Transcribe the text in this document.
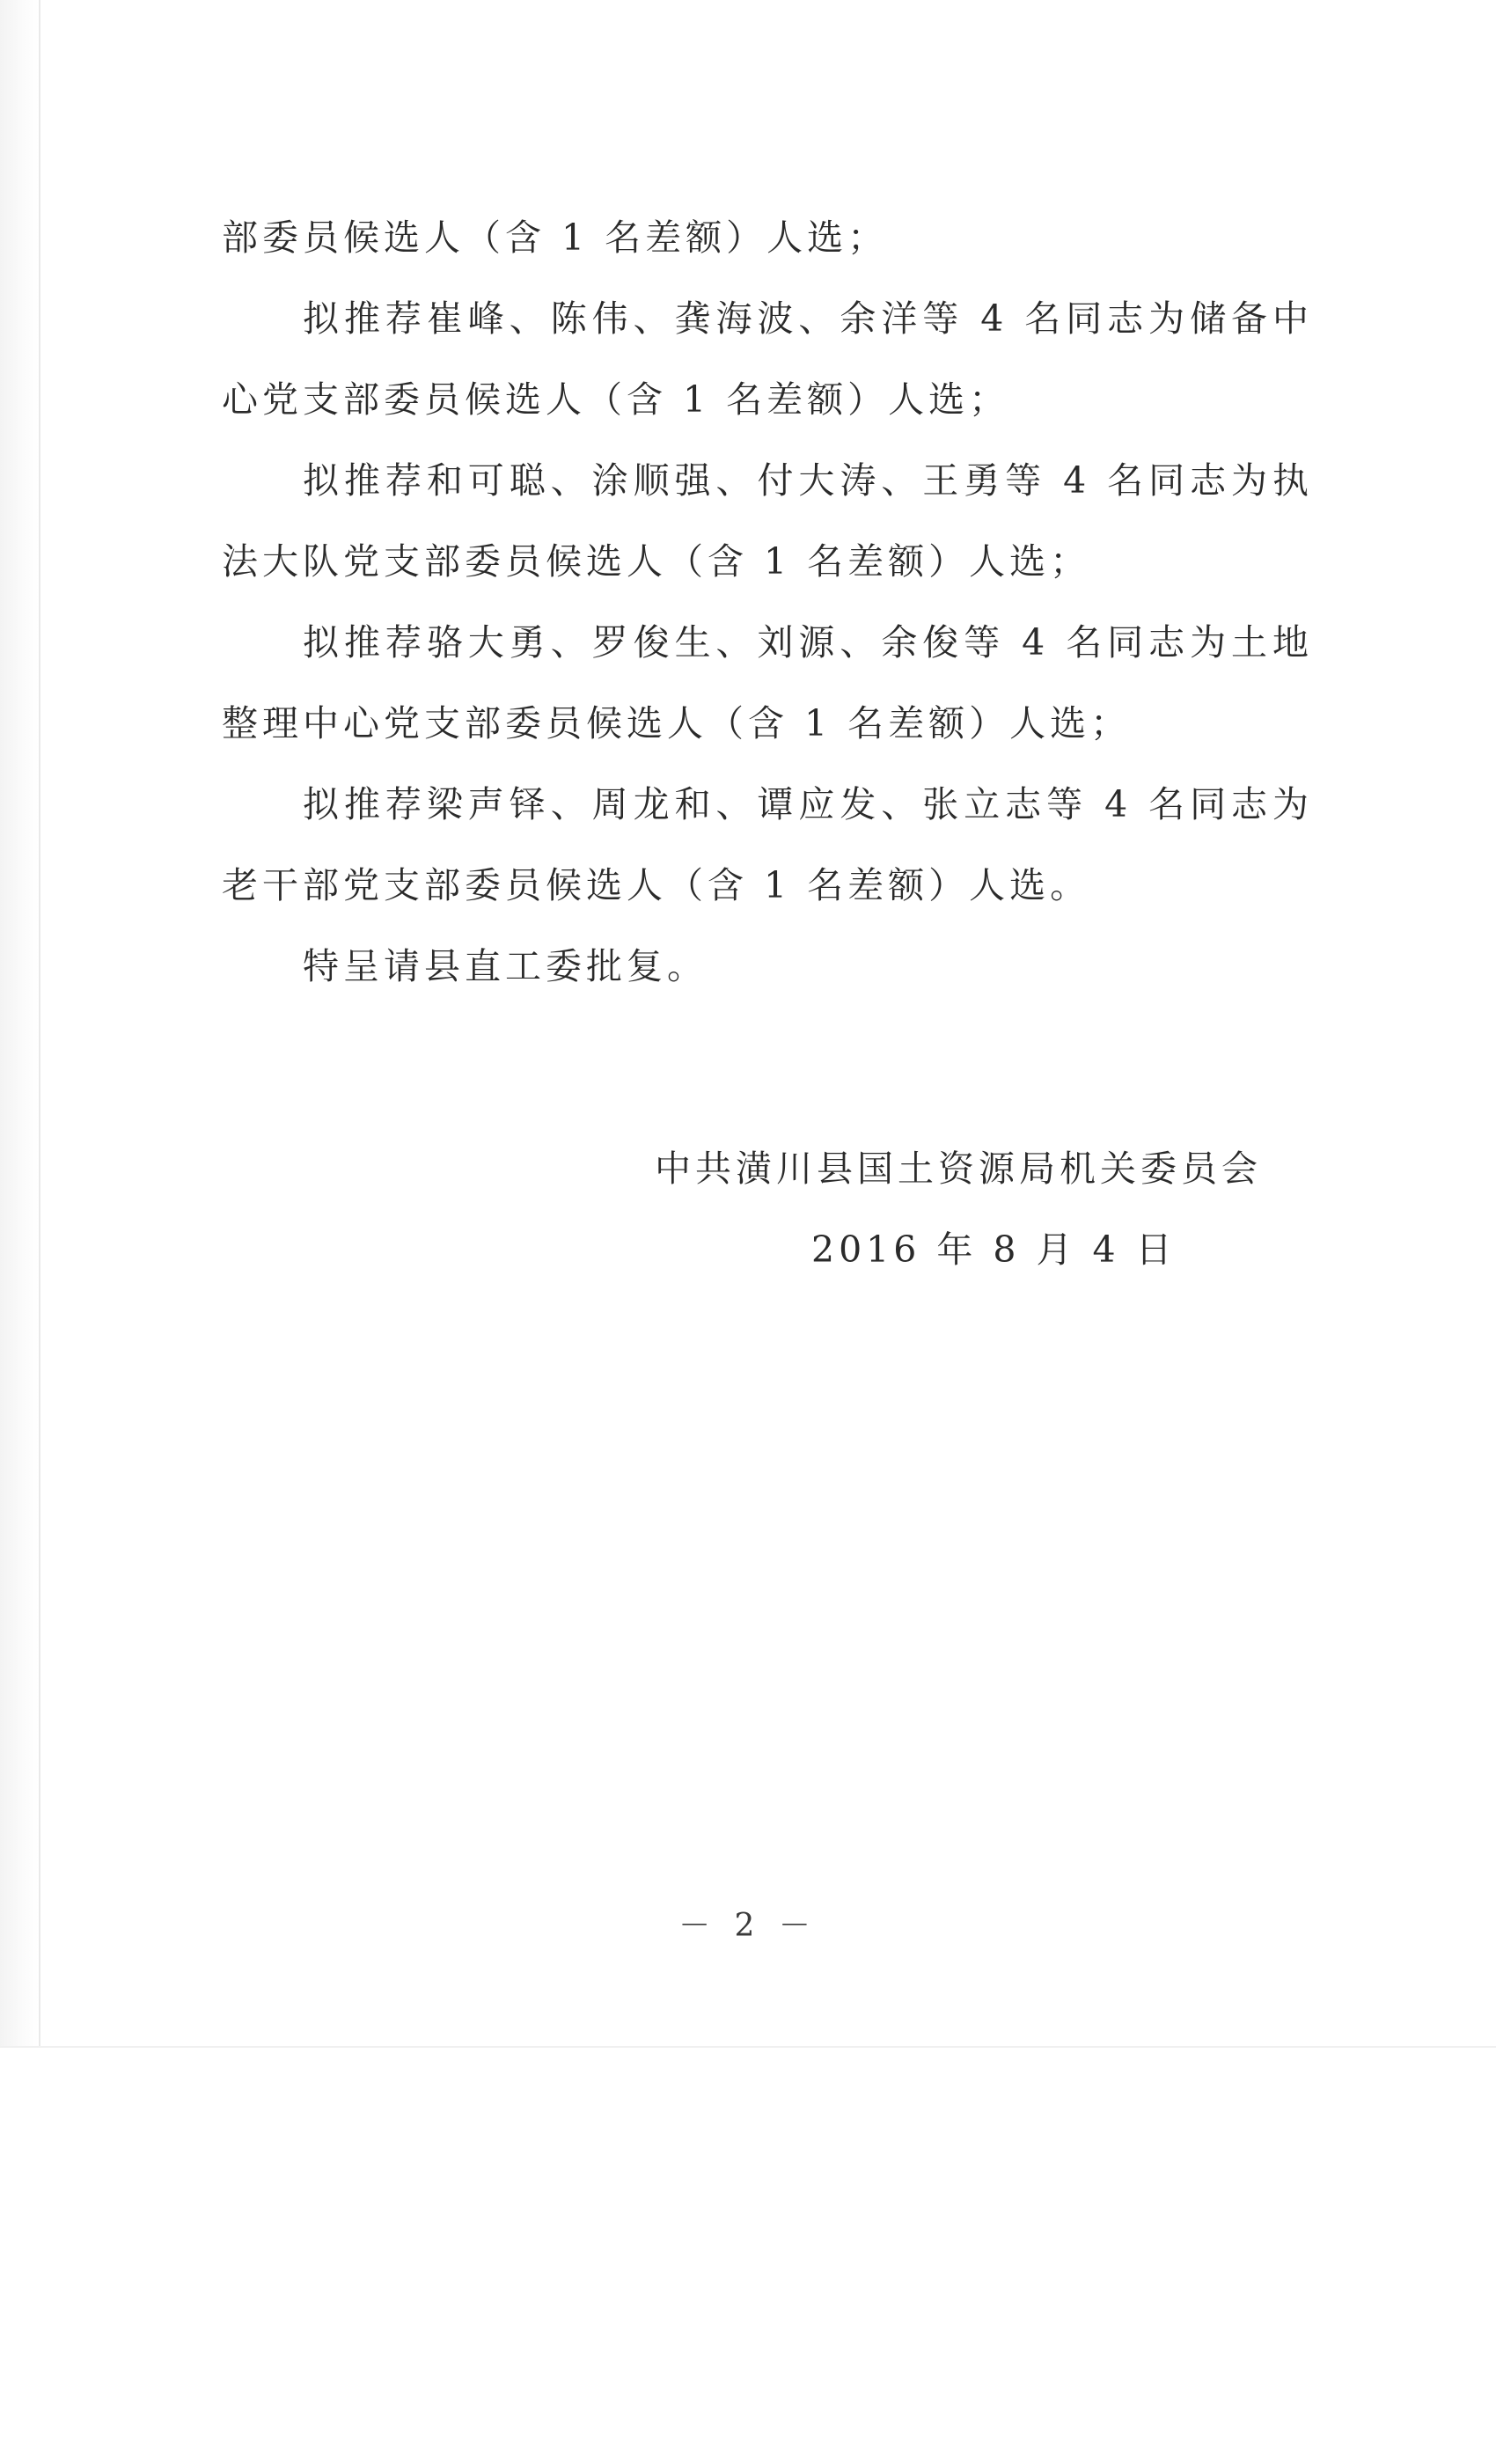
部委员候选人（含 1 名差额）人选；

拟推荐崔峰、陈伟、龚海波、余洋等 4 名同志为储备中心党支部委员候选人（含 1 名差额）人选；

拟推荐和可聪、涂顺强、付大涛、王勇等 4 名同志为执法大队党支部委员候选人（含 1 名差额）人选；

拟推荐骆大勇、罗俊生、刘源、余俊等 4 名同志为土地整理中心党支部委员候选人（含 1 名差额）人选；

拟推荐梁声铎、周龙和、谭应发、张立志等 4 名同志为老干部党支部委员候选人（含 1 名差额）人选。

特呈请县直工委批复。

中共潢川县国土资源局机关委员会
2016 年 8 月 4 日
－ 2 －
